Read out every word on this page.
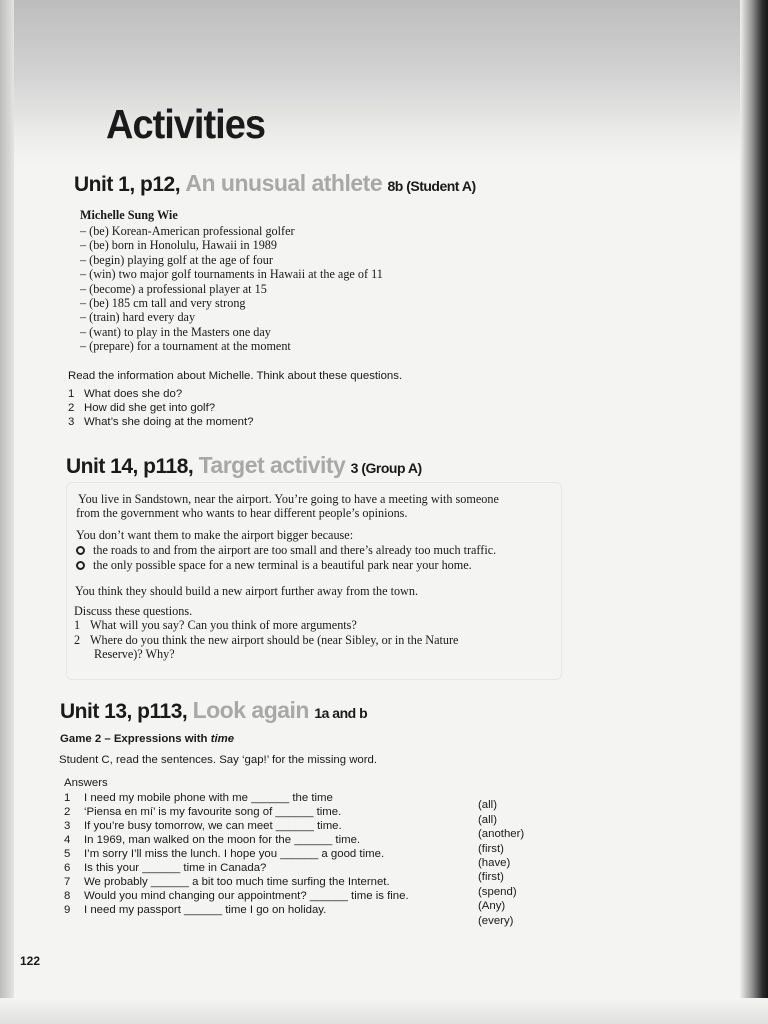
Activities
Unit 1, p12, An unusual athlete 8b (Student A)
Michelle Sung Wie
– (be) Korean-American professional golfer
– (be) born in Honolulu, Hawaii in 1989
– (begin) playing golf at the age of four
– (win) two major golf tournaments in Hawaii at the age of 11
– (become) a professional player at 15
– (be) 185 cm tall and very strong
– (train) hard every day
– (want) to play in the Masters one day
– (prepare) for a tournament at the moment
Read the information about Michelle. Think about these questions.
1 What does she do?
2 How did she get into golf?
3 What’s she doing at the moment?
Unit 14, p118, Target activity 3 (Group A)
You live in Sandstown, near the airport. You’re going to have a meeting with someone
from the government who wants to hear different people’s opinions.
You don’t want them to make the airport bigger because:
the roads to and from the airport are too small and there’s already too much traffic.
the only possible space for a new terminal is a beautiful park near your home.
You think they should build a new airport further away from the town.
Discuss these questions.
1 What will you say? Can you think of more arguments?
2 Where do you think the new airport should be (near Sibley, or in the Nature
Reserve)? Why?
Unit 13, p113, Look again 1a and b
Game 2 – Expressions with time
Student C, read the sentences. Say ‘gap!’ for the missing word.
Answers
1 I need my mobile phone with me ______ the time
2 ‘Piensa en mí’ is my favourite song of ______ time.
3 If you’re busy tomorrow, we can meet ______ time.
4 In 1969, man walked on the moon for the ______ time.
5 I’m sorry I’ll miss the lunch. I hope you ______ a good time.
6 Is this your ______ time in Canada?
7 We probably ______ a bit too much time surfing the Internet.
8 Would you mind changing our appointment? ______ time is fine.
9 I need my passport ______ time I go on holiday.
(all)
(all)
(another)
(first)
(have)
(first)
(spend)
(Any)
(every)
122
